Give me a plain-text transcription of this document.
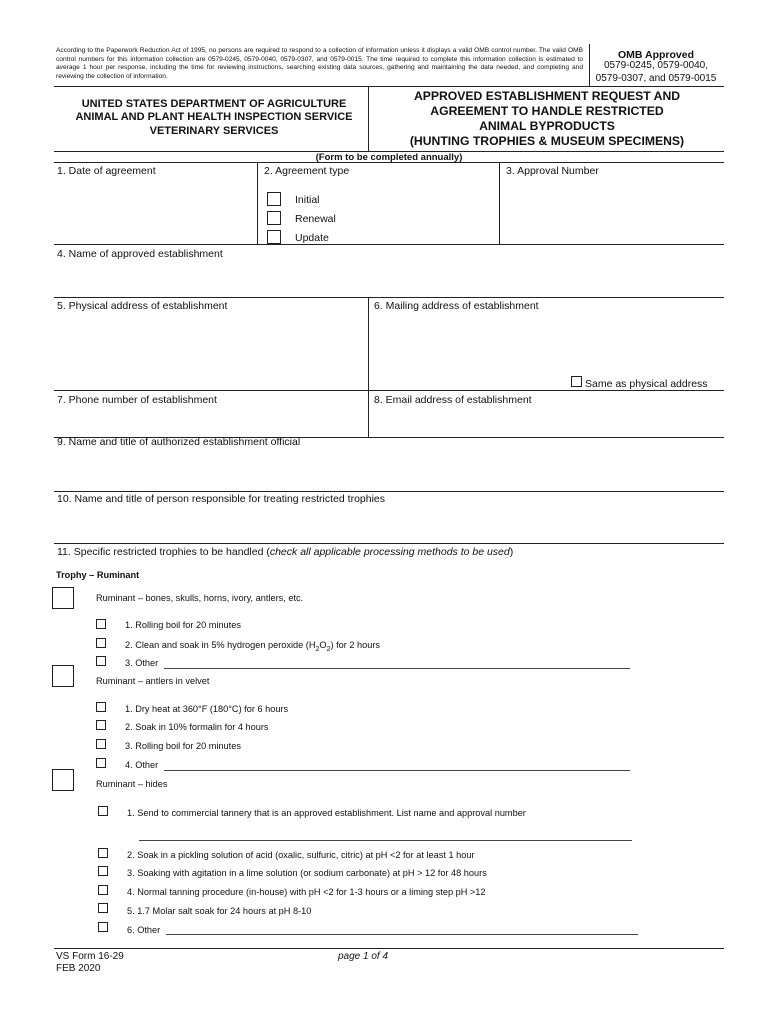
According to the Paperwork Reduction Act of 1995, no persons are required to respond to a collection of information unless it displays a valid OMB control number. The valid OMB control numbers for this information collection are 0579-0245, 0579-0040, 0579-0307, and 0579-0015. The time required to complete this information collection is estimated to average 1 hour per response, including the time for reviewing instructions, searching existing data sources, gathering and maintaining the data needed, and completing and reviewing the collection of information.
OMB Approved
0579-0245, 0579-0040,
0579-0307, and 0579-0015
UNITED STATES DEPARTMENT OF AGRICULTURE
ANIMAL AND PLANT HEALTH INSPECTION SERVICE
VETERINARY SERVICES
APPROVED ESTABLISHMENT REQUEST AND
AGREEMENT TO HANDLE RESTRICTED
ANIMAL BYPRODUCTS
(HUNTING TROPHIES & MUSEUM SPECIMENS)
(Form to be completed annually)
1. Date of agreement	2. Agreement type	3. Approval Number
Initial
Renewal
Update
4. Name of approved establishment
5. Physical address of establishment	6. Mailing address of establishment
Same as physical address
7. Phone number of establishment	8. Email address of establishment
9. Name and title of authorized establishment official
10. Name and title of person responsible for treating restricted trophies
11. Specific restricted trophies to be handled (check all applicable processing methods to be used)
Trophy – Ruminant
Ruminant – bones, skulls, horns, ivory, antlers, etc.
1. Rolling boil for 20 minutes
2. Clean and soak in 5% hydrogen peroxide $(H_2O_2)$ for 2 hours
3. Other
Ruminant – antlers in velvet
1. Dry heat at 360°F (180°C) for 6 hours
2. Soak in 10% formalin for 4 hours
3. Rolling boil for 20 minutes
4. Other
Ruminant – hides
1. Send to commercial tannery that is an approved establishment. List name and approval number
2. Soak in a pickling solution of acid (oxalic, sulfuric, citric) at pH <2 for at least 1 hour
3. Soaking with agitation in a lime solution (or sodium carbonate) at pH > 12 for 48 hours
4. Normal tanning procedure (in-house) with pH <2 for 1-3 hours or a liming step pH >12
5. 1.7 Molar salt soak for 24 hours at pH 8-10
6. Other
VS Form 16-29
FEB 2020
page 1 of 4
